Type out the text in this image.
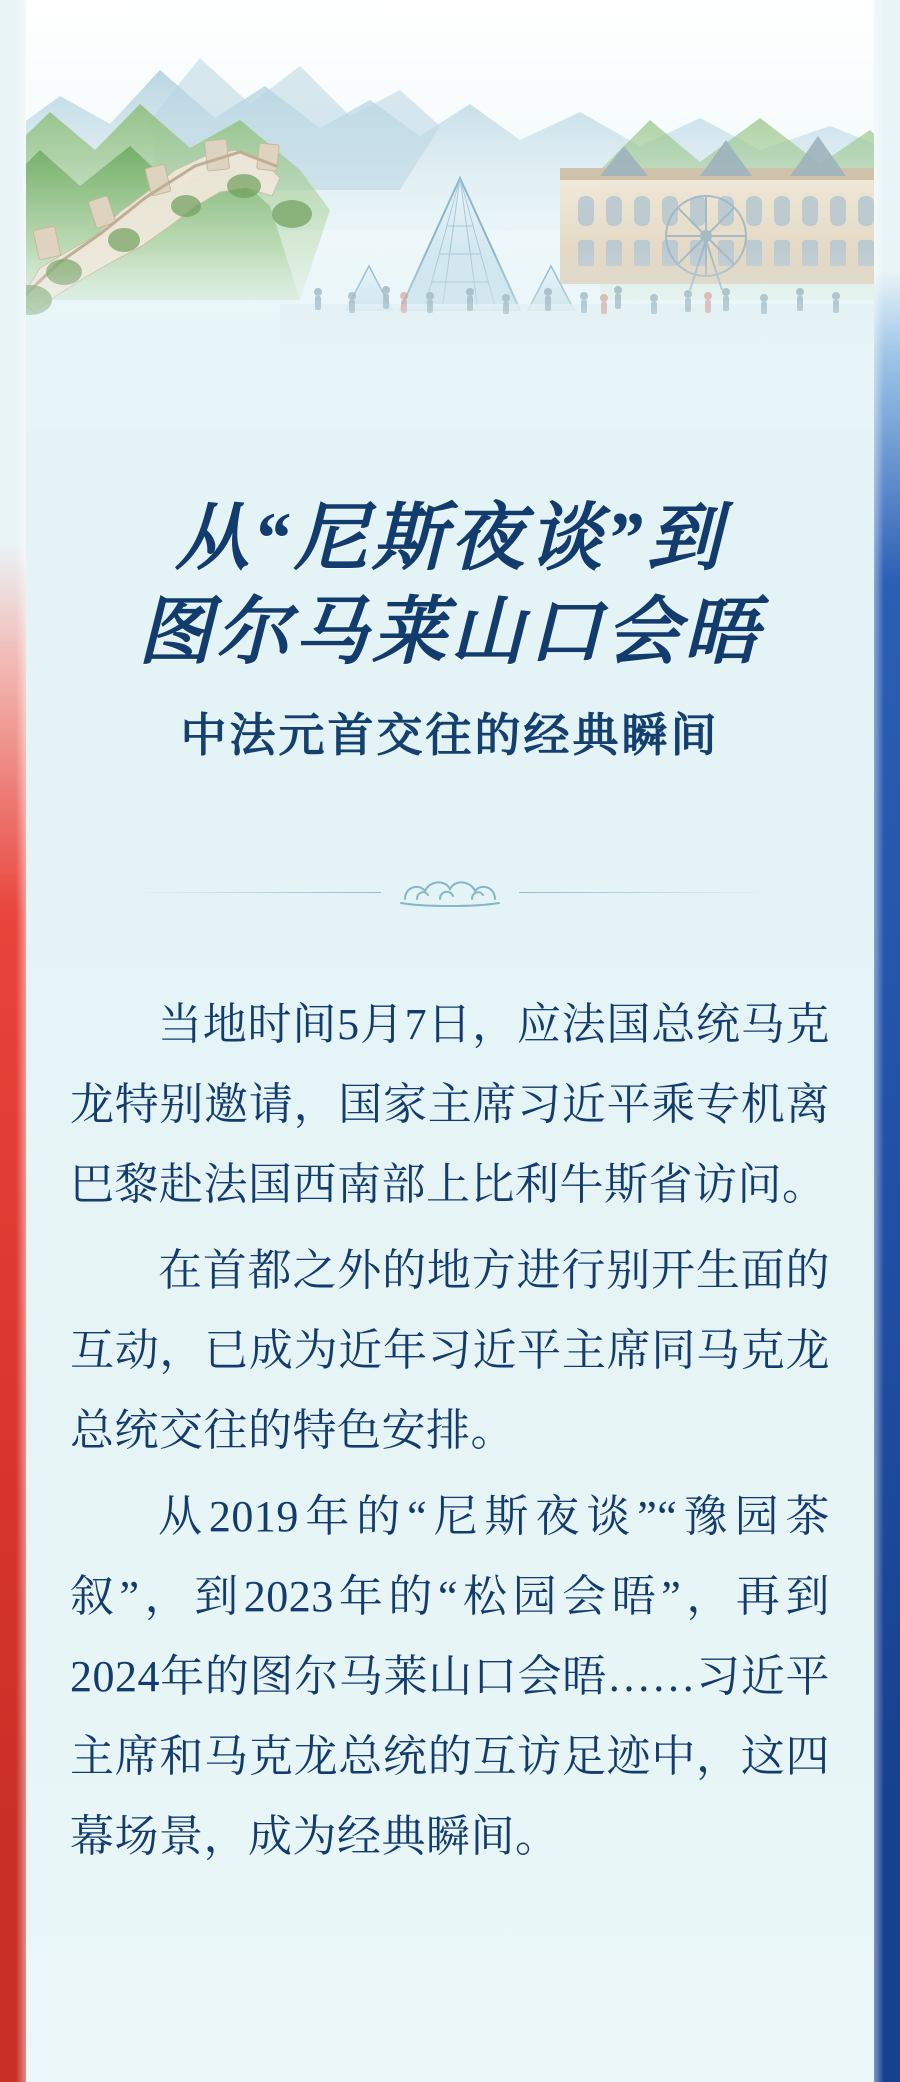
从“尼斯夜谈”到
图尔马莱山口会晤
中法元首交往的经典瞬间

当地时间5月7日，应法国总统马克龙特别邀请，国家主席习近平乘专机离巴黎赴法国西南部上比利牛斯省访问。

在首都之外的地方进行别开生面的互动，已成为近年习近平主席同马克龙总统交往的特色安排。

从2019年的“尼斯夜谈”“豫园茶叙”，到2023年的“松园会晤”，再到2024年的图尔马莱山口会晤……习近平主席和马克龙总统的互访足迹中，这四幕场景，成为经典瞬间。
